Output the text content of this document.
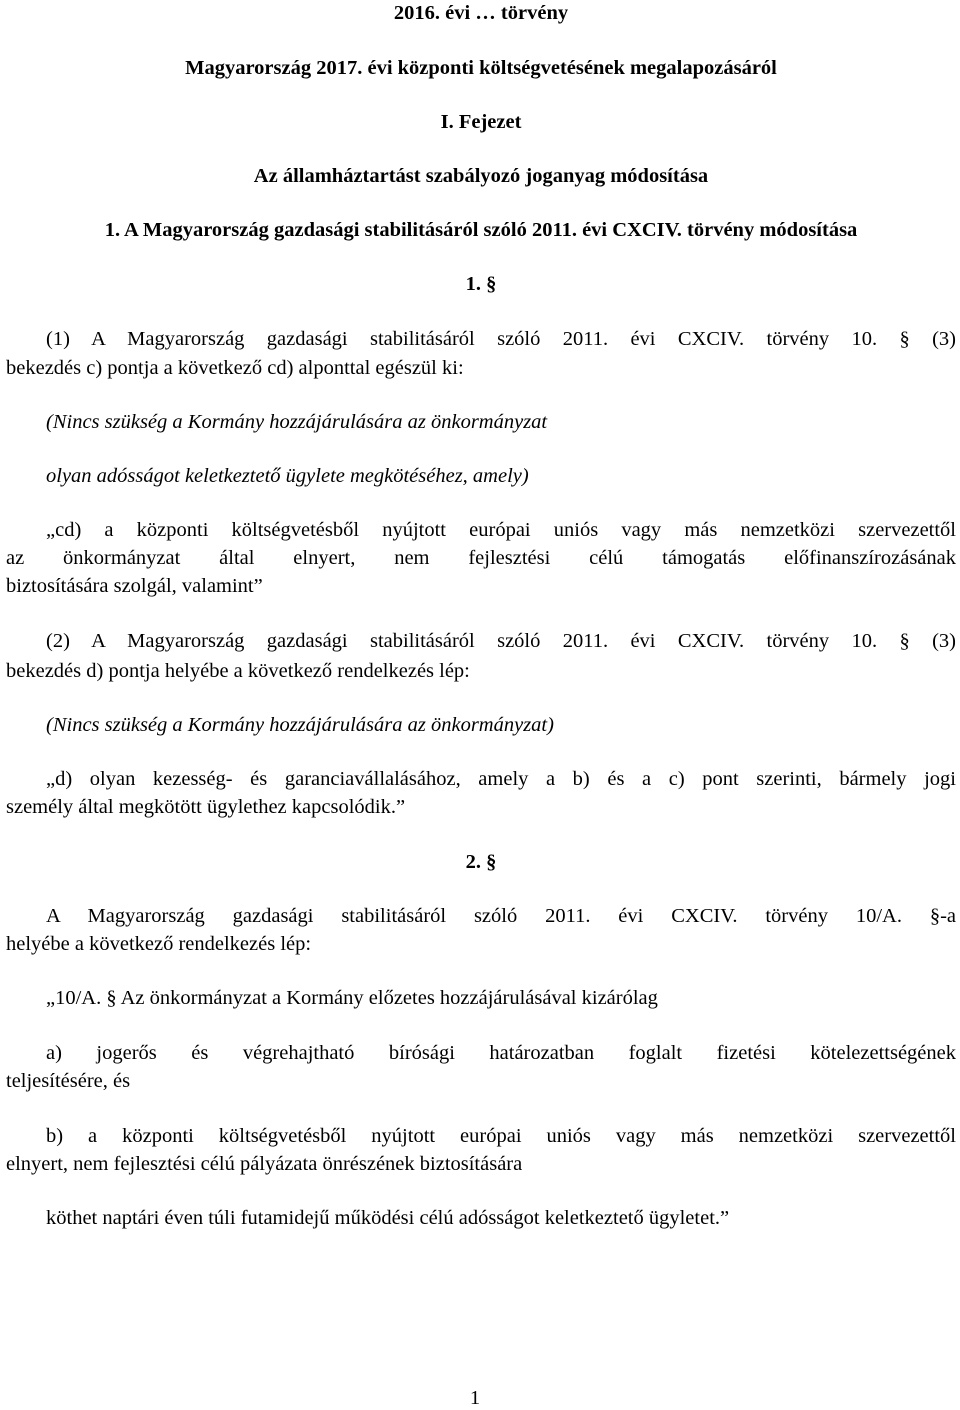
2016. évi … törvény
Magyarország 2017. évi központi költségvetésének megalapozásáról
I. Fejezet
Az államháztartást szabályozó joganyag módosítása
1. A Magyarország gazdasági stabilitásáról szóló 2011. évi CXCIV. törvény módosítása
1. §
(1) A Magyarország gazdasági stabilitásáról szóló 2011. évi CXCIV. törvény 10. § (3)
bekezdés c) pontja a következő cd) alponttal egészül ki:
(Nincs szükség a Kormány hozzájárulására az önkormányzat
olyan adósságot keletkeztető ügylete megkötéséhez, amely)
„cd) a központi költségvetésből nyújtott európai uniós vagy más nemzetközi szervezettől
az önkormányzat által elnyert, nem fejlesztési célú támogatás előfinanszírozásának
biztosítására szolgál, valamint”
(2) A Magyarország gazdasági stabilitásáról szóló 2011. évi CXCIV. törvény 10. § (3)
bekezdés d) pontja helyébe a következő rendelkezés lép:
(Nincs szükség a Kormány hozzájárulására az önkormányzat)
„d) olyan kezesség- és garanciavállalásához, amely a b) és a c) pont szerinti, bármely jogi
személy által megkötött ügylethez kapcsolódik.”
2. §
A Magyarország gazdasági stabilitásáról szóló 2011. évi CXCIV. törvény 10/A. §-a
helyébe a következő rendelkezés lép:
„10/A. § Az önkormányzat a Kormány előzetes hozzájárulásával kizárólag
a) jogerős és végrehajtható bírósági határozatban foglalt fizetési kötelezettségének
teljesítésére, és
b) a központi költségvetésből nyújtott európai uniós vagy más nemzetközi szervezettől
elnyert, nem fejlesztési célú pályázata önrészének biztosítására
köthet naptári éven túli futamidejű működési célú adósságot keletkeztető ügyletet.”
1
